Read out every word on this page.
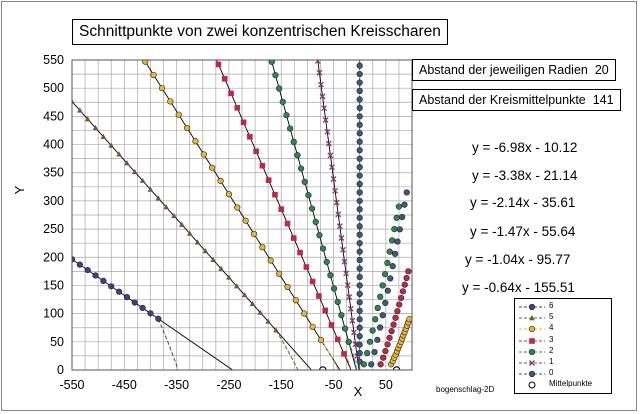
0
50
100
150
200
250
300
350
400
450
500
550
-550 -450 -350 -250 -150 -50	50
X
Y
Schnittpunkte von zwei konzentrischen Kreisscharen
Abstand der jeweiligen Radien 20
Abstand der Kreismittelpunkte 141
y = -6.98x - 10.12
y = -3.38x - 21.14
y = -2.14x - 35.61
y = -1.47x - 55.64
y = -1.04x - 95.77
y = -0.64x - 155.51
6
5
4
3
2
1
0
Mittelpunkte
bogenschlag-2D
